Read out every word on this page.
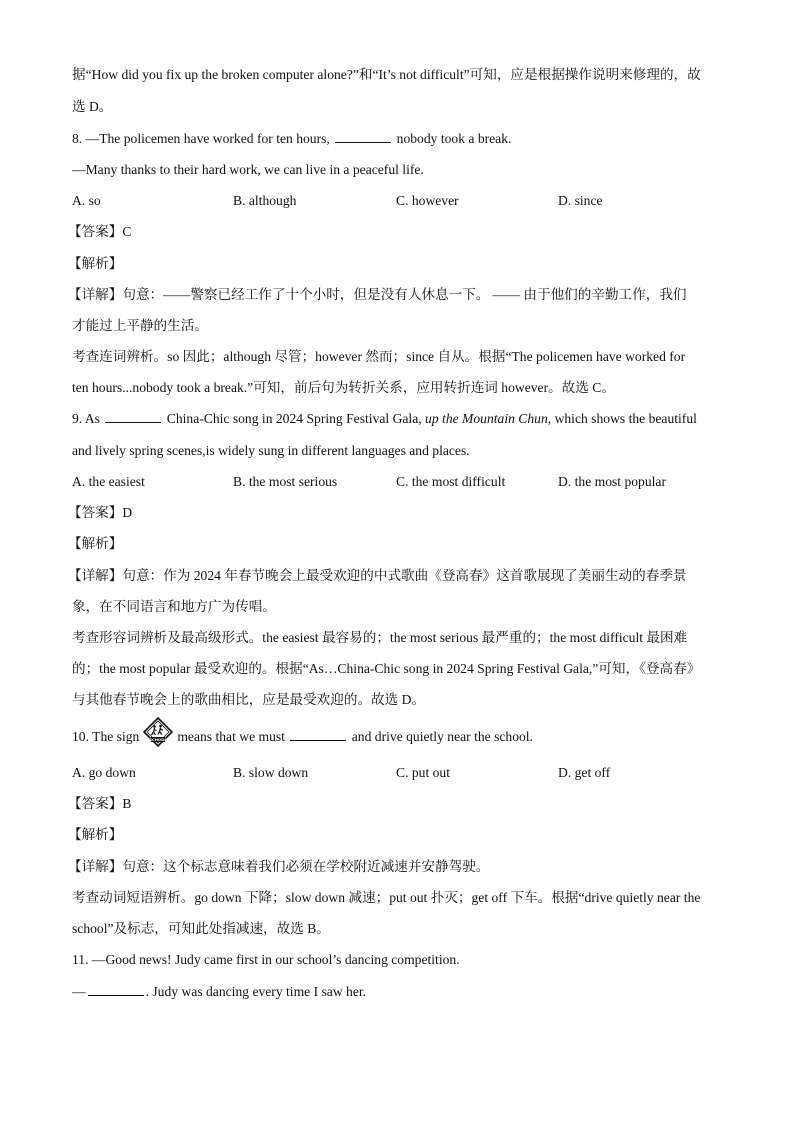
据“How did you fix up the broken computer alone?”和“It’s not difficult”可知，应是根据操作说明来修理的，故
选 D。
8. —The policemen have worked for ten hours,	nobody took a break.
—Many thanks to their hard work, we can live in a peaceful life.
A. so	B. although	C. however	D. since
【答案】C
【解析】
【详解】句意：——警察已经工作了十个小时，但是没有人休息一下。 —— 由于他们的辛勤工作，我们
才能过上平静的生活。
考查连词辨析。so 因此；although 尽管；however 然而；since 自从。根据“The policemen have worked for
ten hours...nobody took a break.”可知，前后句为转折关系，应用转折连词 however。故选 C。
9. As	China-Chic song in 2024 Spring Festival Gala, up the Mountain Chun, which shows the beautiful
and lively spring scenes,is widely sung in different languages and places.
A. the easiest	B. the most serious	C. the most difficult	D. the most popular
【答案】D
【解析】
【详解】句意：作为 2024 年春节晚会上最受欢迎的中式歌曲《登高春》这首歌展现了美丽生动的春季景
象，在不同语言和地方广为传唱。
考查形容词辨析及最高级形式。the easiest 最容易的；the most serious 最严重的；the most difficult 最困难
的；the most popular 最受欢迎的。根据“As…China-Chic song in 2024 Spring Festival Gala,”可知，《登高春》
与其他春节晚会上的歌曲相比，应是最受欢迎的。故选 D。
10. The sign	SCHOOL means that we must	and drive quietly near the school.
A. go down	B. slow down	C. put out	D. get off
【答案】B
【解析】
【详解】句意：这个标志意味着我们必须在学校附近减速并安静驾驶。
考查动词短语辨析。go down 下降；slow down 减速；put out 扑灭；get off 下车。根据“drive quietly near the
school”及标志，可知此处指减速，故选 B。
11. —Good news! Judy came first in our school’s dancing competition.
—	. Judy was dancing every time I saw her.
